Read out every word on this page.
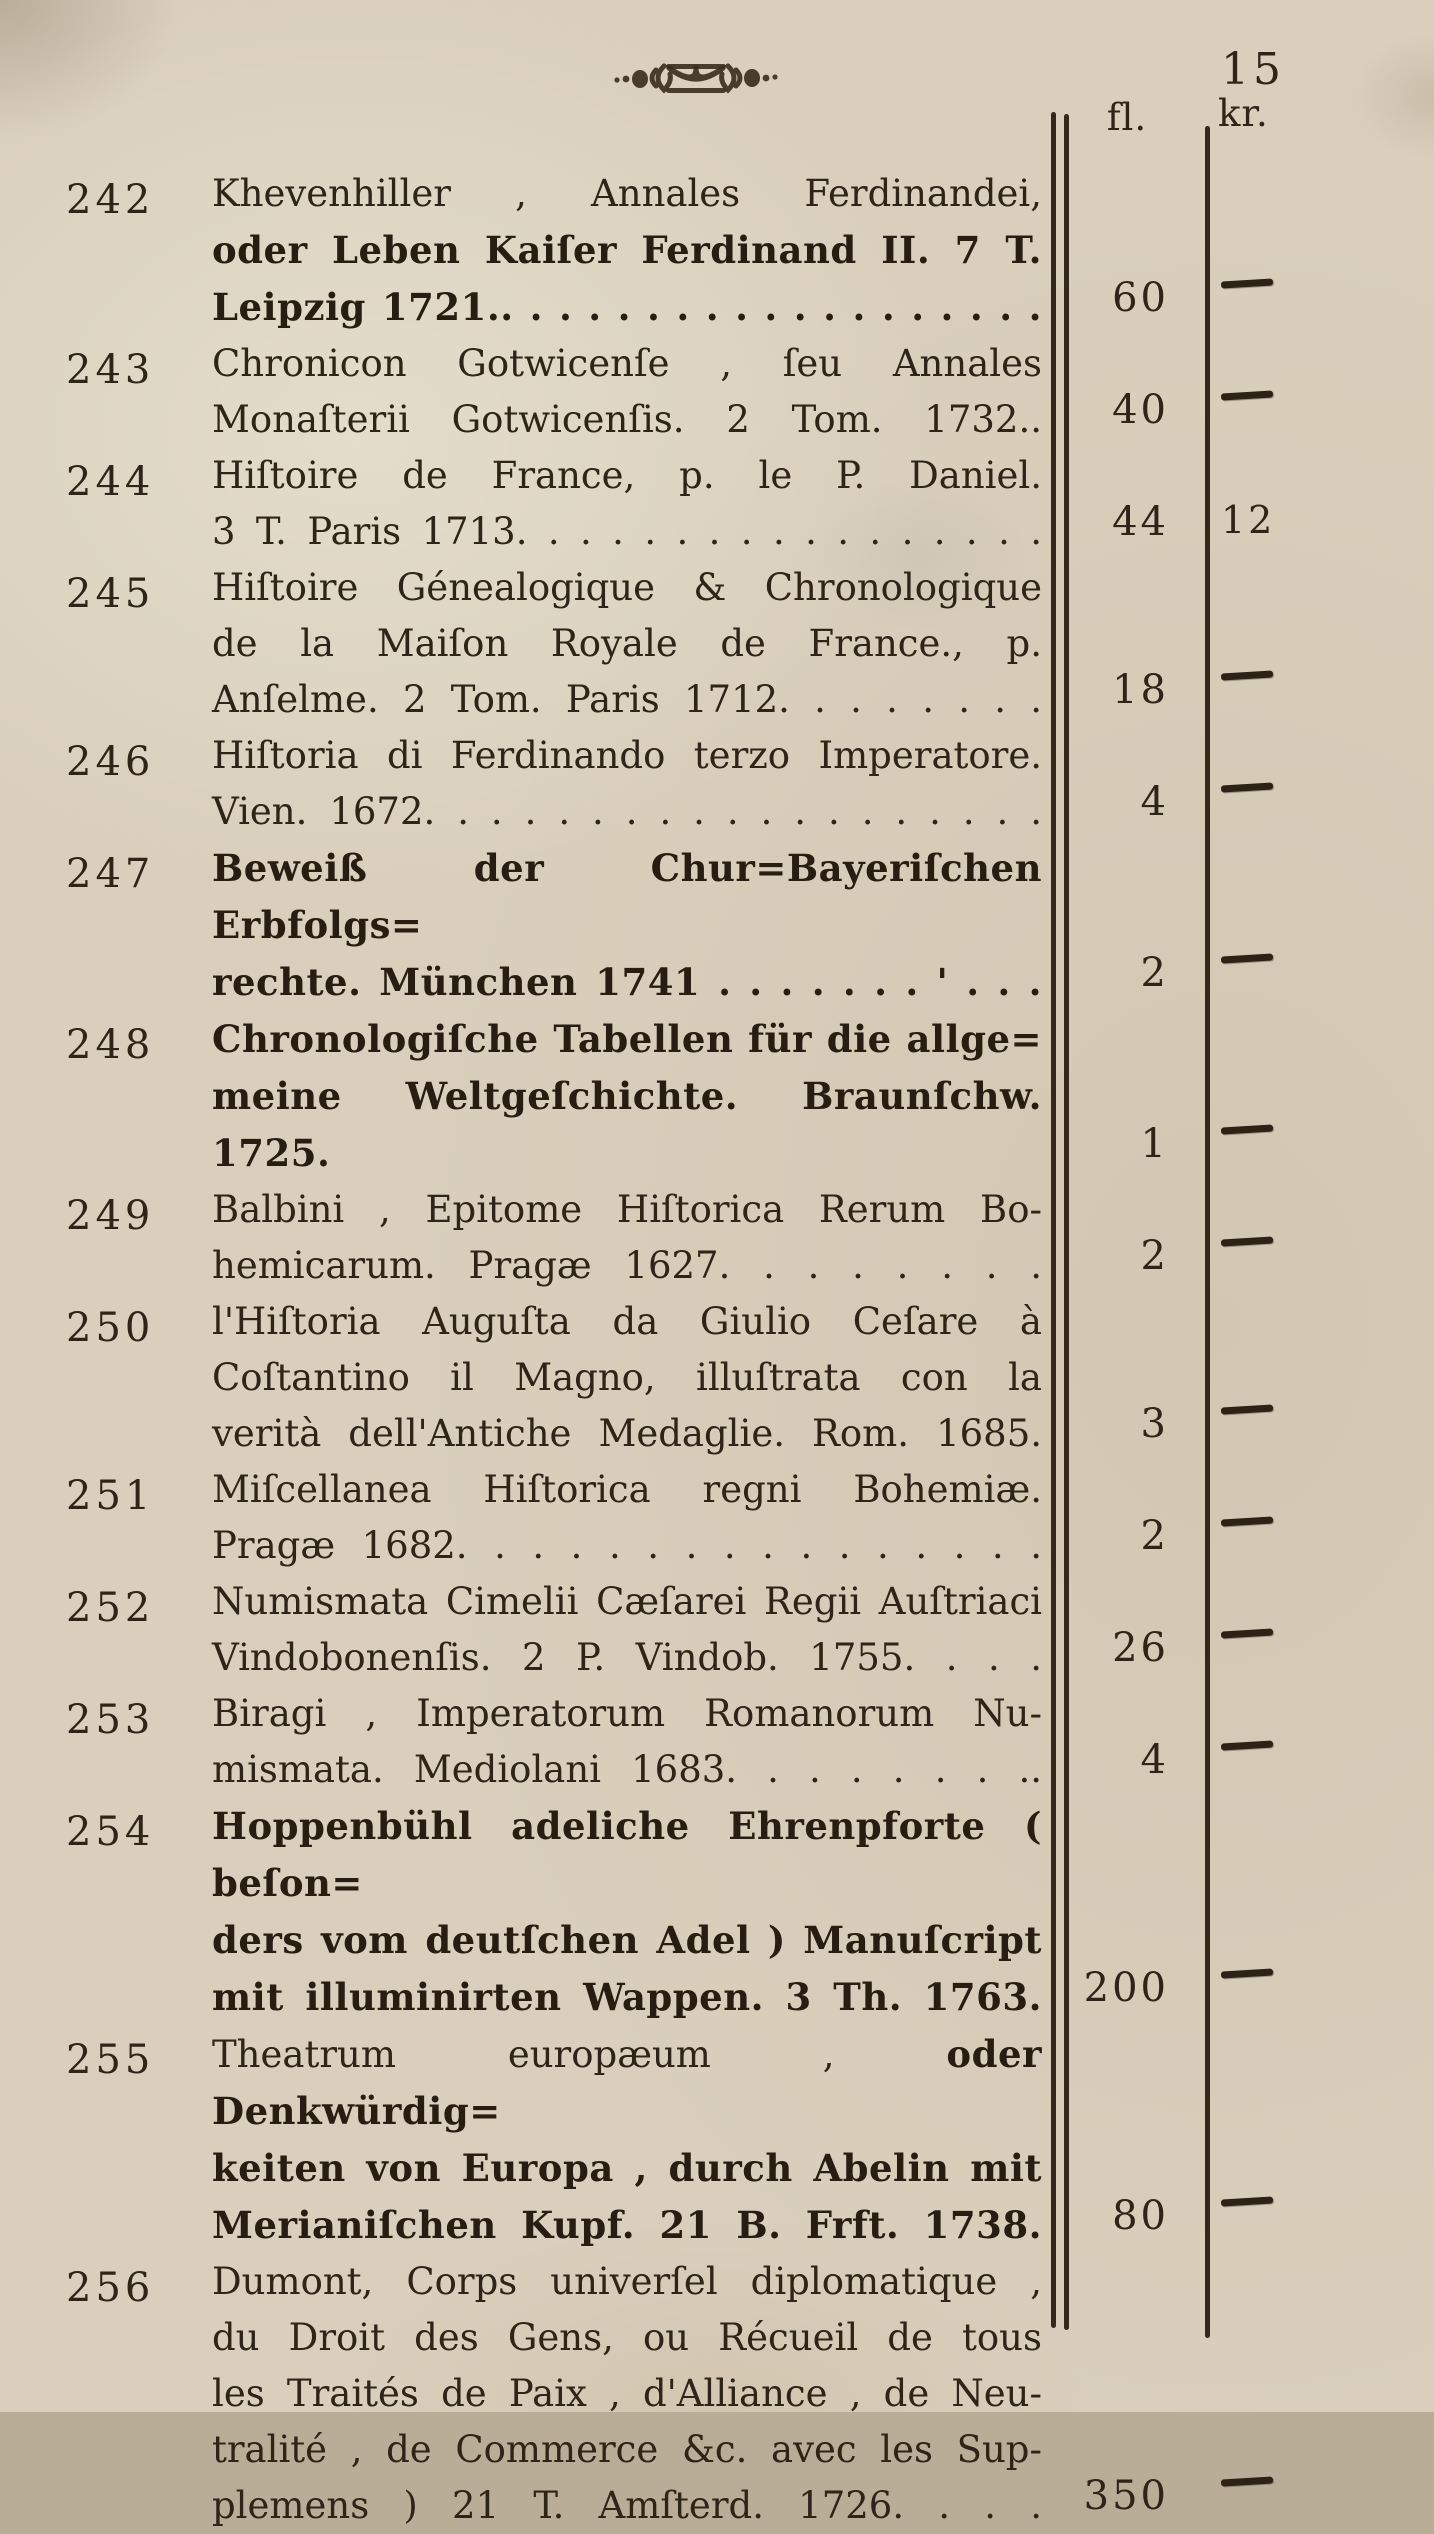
15
fl.	kr.
242	Khevenhiller , Annales Ferdinandei,
oder Leben Kaiſer Ferdinand II. 7 T.
Leipzig 1721.. . . . . . . . . . . . . . . . . . .	60
243	Chronicon Gotwicenſe , ſeu Annales
Monaſterii Gotwicenſis. 2 Tom. 1732..	40
244	Hiſtoire de France, p. le P. Daniel.
3 T. Paris 1713. . . . . . . . . . . . . . . . .	44	12
245	Hiſtoire Génealogique & Chronologique
de la Maiſon Royale de France., p.
Anſelme. 2 Tom. Paris 1712. . . . . . . .	18
246	Hiſtoria di Ferdinando terzo Imperatore.
Vien. 1672. . . . . . . . . . . . . . . . . . .	4
247	Beweiß der Chur=Bayeriſchen Erbfolgs=
rechte. München 1741 . . . . . . . ' . . .	2
248	Chronologiſche Tabellen für die allge=
meine Weltgeſchichte. Braunſchw. 1725.	1
249	Balbini , Epitome Hiſtorica Rerum Bo-
hemicarum. Pragæ 1627. . . . . . . .	2
250	l'Hiſtoria Auguſta da Giulio Ceſare à
Coſtantino il Magno, illuſtrata con la
verità dell'Antiche Medaglie. Rom. 1685.	3
251	Miſcellanea Hiſtorica regni Bohemiæ.
Pragæ 1682. . . . . . . . . . . . . . . .	2
252	Numismata Cimelii Cæſarei Regii Auſtriaci
Vindobonenſis. 2 P. Vindob. 1755. . . .	26
253	Biragi , Imperatorum Romanorum Nu-
mismata. Mediolani 1683. . . . . . . ..	4
254	Hoppenbühl adeliche Ehrenpforte ( beſon=
ders vom deutſchen Adel ) Manuſcript
mit illuminirten Wappen. 3 Th. 1763.	200
255	Theatrum europæum , oder Denkwürdig=
keiten von Europa , durch Abelin mit
Merianiſchen Kupf. 21 B. Frft. 1738.	80
256	Dumont, Corps univerſel diplomatique ,
du Droit des Gens, ou Récueil de tous
les Traités de Paix , d'Alliance , de Neu-
tralité , de Commerce &c. avec les Sup-
plemens ) 21 T. Amſterd. 1726. . . .	350
